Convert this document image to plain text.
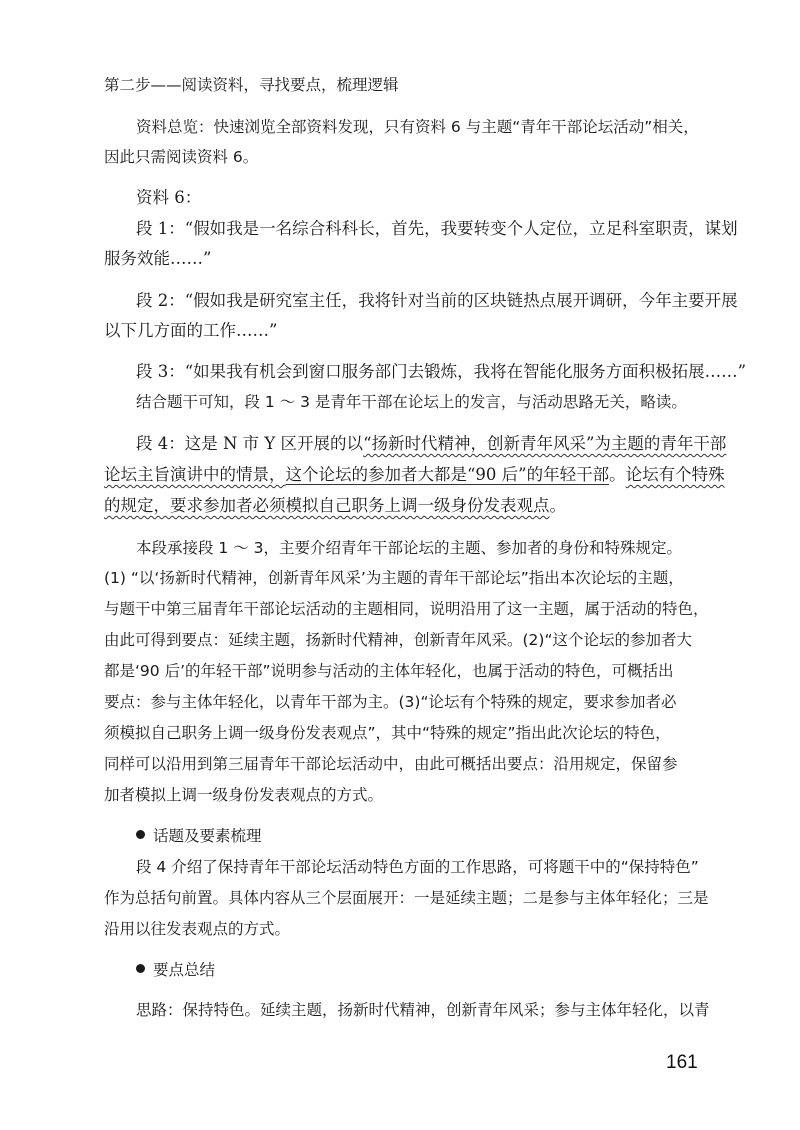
第二步——阅读资料，寻找要点，梳理逻辑
资料总览：快速浏览全部资料发现，只有资料 6 与主题“青年干部论坛活动”相关，
因此只需阅读资料 6。
资料 6：
段 1：“假如我是一名综合科科长，首先，我要转变个人定位，立足科室职责，谋划
服务效能……”
段 2：“假如我是研究室主任，我将针对当前的区块链热点展开调研，今年主要开展
以下几方面的工作……”
段 3：“如果我有机会到窗口服务部门去锻炼，我将在智能化服务方面积极拓展……”
结合题干可知，段 1 ～ 3 是青年干部在论坛上的发言，与活动思路无关，略读。
段 4：这是 N 市 Y 区开展的以“扬新时代精神，创新青年风采”为主题的青年干部
论坛主旨演讲中的情景，这个论坛的参加者大都是“90 后”的年轻干部。论坛有个特殊
的规定，要求参加者必须模拟自己职务上调一级身份发表观点。
本段承接段 1 ～ 3，主要介绍青年干部论坛的主题、参加者的身份和特殊规定。
(1) “以‘扬新时代精神，创新青年风采’为主题的青年干部论坛”指出本次论坛的主题，
与题干中第三届青年干部论坛活动的主题相同，说明沿用了这一主题，属于活动的特色，
由此可得到要点：延续主题，扬新时代精神，创新青年风采。(2)“这个论坛的参加者大
都是‘90 后’的年轻干部”说明参与活动的主体年轻化，也属于活动的特色，可概括出
要点：参与主体年轻化，以青年干部为主。(3)“论坛有个特殊的规定，要求参加者必
须模拟自己职务上调一级身份发表观点”，其中“特殊的规定”指出此次论坛的特色，
同样可以沿用到第三届青年干部论坛活动中，由此可概括出要点：沿用规定，保留参
加者模拟上调一级身份发表观点的方式。
话题及要素梳理
段 4 介绍了保持青年干部论坛活动特色方面的工作思路，可将题干中的“保持特色”
作为总括句前置。具体内容从三个层面展开：一是延续主题；二是参与主体年轻化；三是
沿用以往发表观点的方式。
要点总结
思路：保持特色。延续主题，扬新时代精神，创新青年风采；参与主体年轻化，以青
161
